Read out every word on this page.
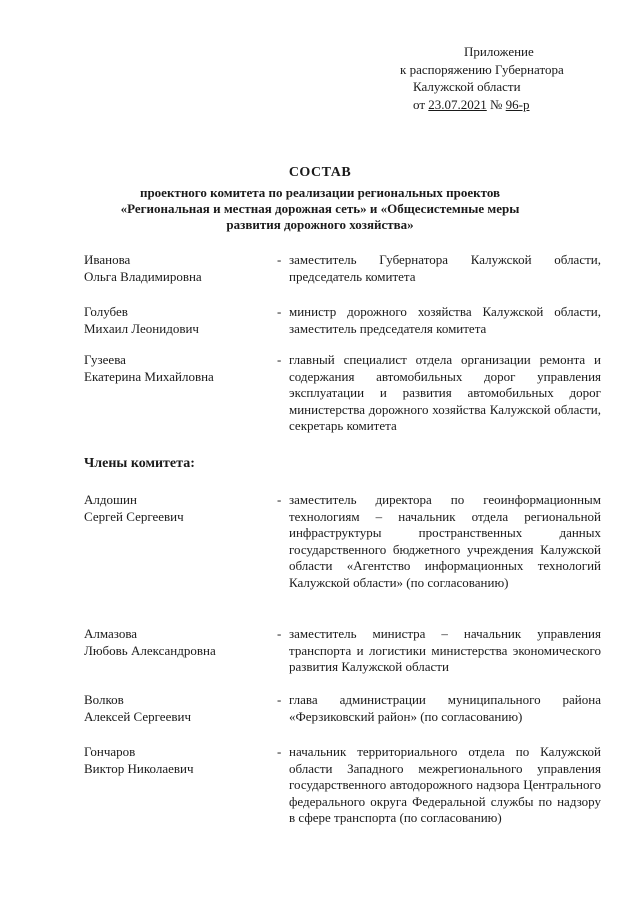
Приложение
к распоряжению Губернатора
Калужской области
от 23.07.2021 № 96-р
СОСТАВ
проектного комитета по реализации региональных проектов
«Региональная и местная дорожная сеть» и «Общесистемные меры
развития дорожного хозяйства»
Иванова
Ольга Владимировна
- заместитель Губернатора Калужской области, председатель комитета
Голубев
Михаил Леонидович
- министр дорожного хозяйства Калужской области, заместитель председателя комитета
Гузеева
Екатерина Михайловна
- главный специалист отдела организации ремонта и содержания автомобильных дорог управления эксплуатации и развития автомобильных дорог министерства дорожного хозяйства Калужской области, секретарь комитета
Члены комитета:
Алдошин
Сергей Сергеевич
- заместитель директора по геоинформационным технологиям – начальник отдела региональной инфраструктуры пространственных данных государственного бюджетного учреждения Калужской области «Агентство информационных технологий Калужской области» (по согласованию)
Алмазова
Любовь Александровна
- заместитель министра – начальник управления транспорта и логистики министерства экономического развития Калужской области
Волков
Алексей Сергеевич
- глава администрации муниципального района «Ферзиковский район» (по согласованию)
Гончаров
Виктор Николаевич
- начальник территориального отдела по Калужской области Западного межрегионального управления государственного автодорожного надзора Центрального федерального округа Федеральной службы по надзору в сфере транспорта (по согласованию)
